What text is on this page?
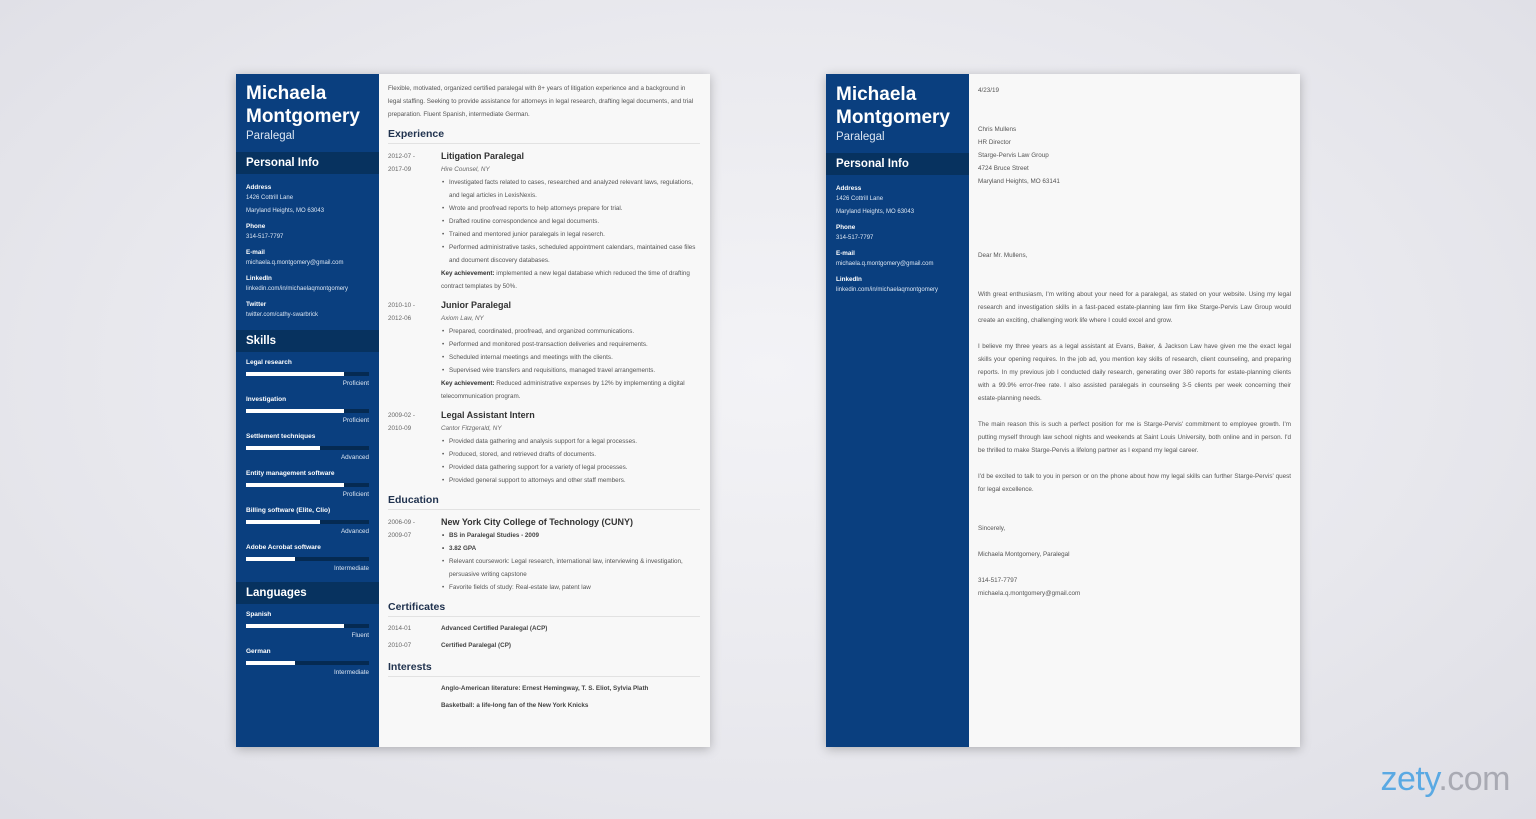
Michaela
Montgomery
Paralegal
Personal Info
Address
1426 Cottrill Lane
Maryland Heights, MO 63043
Phone
314-517-7797
E-mail
michaela.q.montgomery@gmail.com
LinkedIn
linkedin.com/in/michaelaqmontgomery
Twitter
twitter.com/cathy-swarbrick
Skills
Legal research
Proficient
Investigation
Proficient
Settlement techniques
Advanced
Entity management software
Proficient
Billing software (Elite, Clio)
Advanced
Adobe Acrobat software
Intermediate
Languages
Spanish
Fluent
German
Intermediate
Flexible, motivated, organized certified paralegal with 8+ years of litigation experience and a background in legal staffing. Seeking to provide assistance for attorneys in legal research, drafting legal documents, and trial preparation. Fluent Spanish, intermediate German.
Experience
2012-07 -
2017-09
Litigation Paralegal
Hire Counsel, NY
• Investigated facts related to cases, researched and analyzed relevant laws, regulations, and legal articles in LexisNexis.
• Wrote and proofread reports to help attorneys prepare for trial.
• Drafted routine correspondence and legal documents.
• Trained and mentored junior paralegals in legal reserch.
• Performed administrative tasks, scheduled appointment calendars, maintained case files and document discovery databases.
Key achievement: implemented a new legal database which reduced the time of drafting contract templates by 50%.
2010-10 -
2012-06
Junior Paralegal
Axiom Law, NY
• Prepared, coordinated, proofread, and organized communications.
• Performed and monitored post-transaction deliveries and requirements.
• Scheduled internal meetings and meetings with the clients.
• Supervised wire transfers and requisitions, managed travel arrangements.
Key achievement: Reduced administrative expenses by 12% by implementing a digital telecommunication program.
2009-02 -
2010-09
Legal Assistant Intern
Cantor Fitzgerald, NY
• Provided data gathering and analysis support for a legal processes.
• Produced, stored, and retrieved drafts of documents.
• Provided data gathering support for a variety of legal processes.
• Provided general support to attorneys and other staff members.
Education
2006-09 -
2009-07
New York City College of Technology (CUNY)
• BS in Paralegal Studies - 2009
• 3.82 GPA
• Relevant coursework: Legal research, international law, interviewing & investigation, persuasive writing capstone
• Favorite fields of study: Real-estate law, patent law
Certificates
2014-01	Advanced Certified Paralegal (ACP)
2010-07	Certified Paralegal (CP)
Interests
Anglo-American literature: Ernest Hemingway, T. S. Eliot, Sylvia Plath
Basketball: a life-long fan of the New York Knicks
Michaela
Montgomery
Paralegal
Personal Info
Address
1426 Cottrill Lane
Maryland Heights, MO 63043
Phone
314-517-7797
E-mail
michaela.q.montgomery@gmail.com
LinkedIn
linkedin.com/in/michaelaqmontgomery
4/23/19
Chris Mullens
HR Director
Starge-Pervis Law Group
4724 Bruce Street
Maryland Heights, MO 63141
Dear Mr. Mullens,

With great enthusiasm, I'm writing about your need for a paralegal, as stated on your website. Using my legal research and investigation skills in a fast-paced estate-planning law firm like Starge-Pervis Law Group would create an exciting, challenging work life where I could excel and grow.

I believe my three years as a legal assistant at Evans, Baker, & Jackson Law have given me the exact legal skills your opening requires. In the job ad, you mention key skills of research, client counseling, and preparing reports. In my previous job I conducted daily research, generating over 380 reports for estate-planning clients with a 99.9% error-free rate. I also assisted paralegals in counseling 3-5 clients per week concerning their estate-planning needs.

The main reason this is such a perfect position for me is Starge-Pervis' commitment to employee growth. I'm putting myself through law school nights and weekends at Saint Louis University, both online and in person. I'd be thrilled to make Starge-Pervis a lifelong partner as I expand my legal career.

I'd be excited to talk to you in person or on the phone about how my legal skills can further Starge-Pervis' quest for legal excellence.

Sincerely,
Michaela Montgomery, Paralegal
314-517-7797
michaela.q.montgomery@gmail.com
zety.com
